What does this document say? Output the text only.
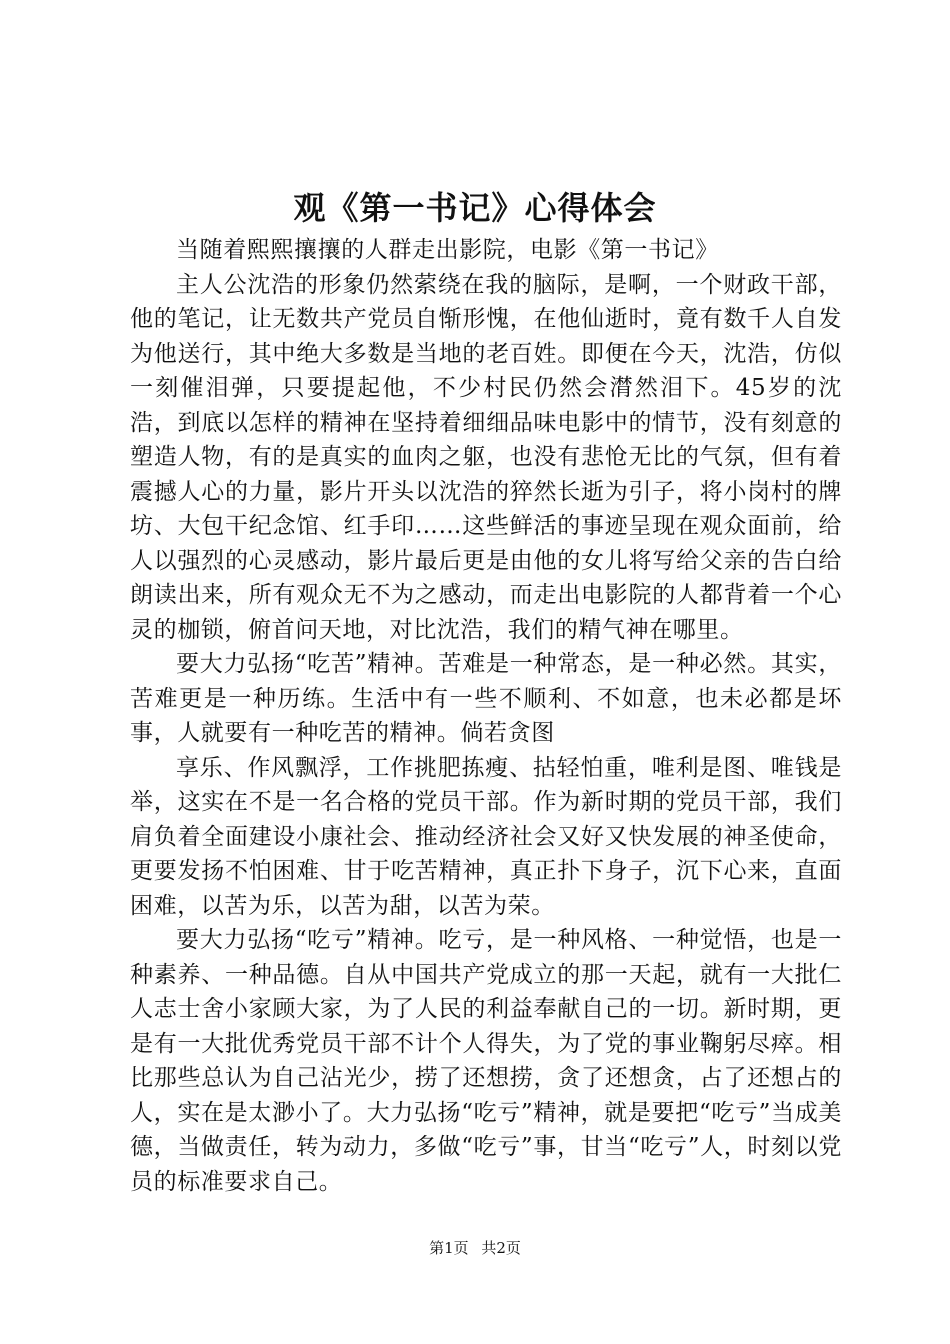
观《第一书记》心得体会

当随着熙熙攘攘的人群走出影院，电影《第一书记》

主人公沈浩的形象仍然萦绕在我的脑际，是啊，一个财政干部，他的笔记，让无数共产党员自惭形愧，在他仙逝时，竟有数千人自发为他送行，其中绝大多数是当地的老百姓。即便在今天，沈浩，仿似一刻催泪弹，只要提起他，不少村民仍然会潸然泪下。45岁的沈浩，到底以怎样的精神在坚持着细细品味电影中的情节，没有刻意的塑造人物，有的是真实的血肉之躯，也没有悲怆无比的气氛，但有着震撼人心的力量，影片开头以沈浩的猝然长逝为引子，将小岗村的牌坊、大包干纪念馆、红手印……这些鲜活的事迹呈现在观众面前，给人以强烈的心灵感动，影片最后更是由他的女儿将写给父亲的告白给朗读出来，所有观众无不为之感动，而走出电影院的人都背着一个心灵的枷锁，俯首问天地，对比沈浩，我们的精气神在哪里。

要大力弘扬“吃苦”精神。苦难是一种常态，是一种必然。其实，苦难更是一种历练。生活中有一些不顺利、不如意，也未必都是坏事，人就要有一种吃苦的精神。倘若贪图

享乐、作风飘浮，工作挑肥拣瘦、拈轻怕重，唯利是图、唯钱是举，这实在不是一名合格的党员干部。作为新时期的党员干部，我们肩负着全面建设小康社会、推动经济社会又好又快发展的神圣使命，更要发扬不怕困难、甘于吃苦精神，真正扑下身子，沉下心来，直面困难，以苦为乐，以苦为甜，以苦为荣。

要大力弘扬“吃亏”精神。吃亏，是一种风格、一种觉悟，也是一种素养、一种品德。自从中国共产党成立的那一天起，就有一大批仁人志士舍小家顾大家，为了人民的利益奉献自己的一切。新时期，更是有一大批优秀党员干部不计个人得失，为了党的事业鞠躬尽瘁。相比那些总认为自己沾光少，捞了还想捞，贪了还想贪，占了还想占的人，实在是太渺小了。大力弘扬“吃亏”精神，就是要把“吃亏”当成美德，当做责任，转为动力，多做“吃亏”事，甘当“吃亏”人，时刻以党员的标准要求自己。

第1页 共2页
